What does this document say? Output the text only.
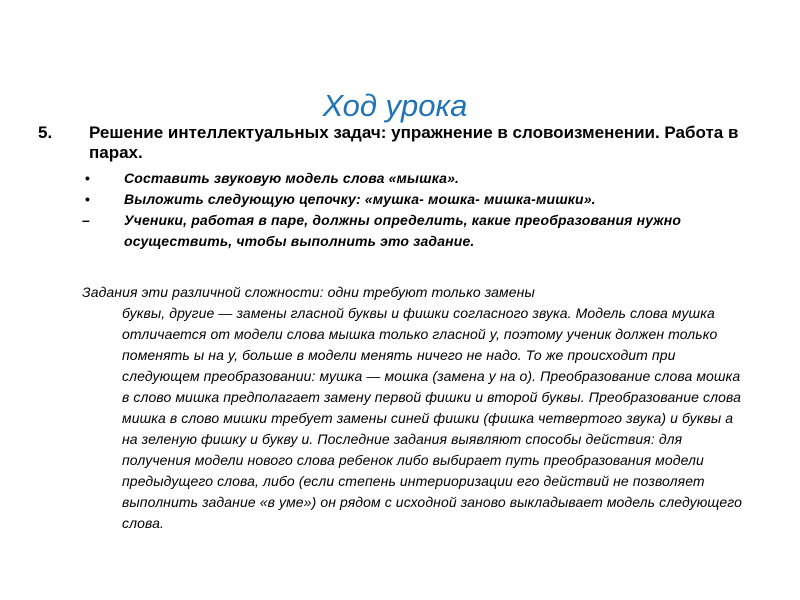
Ход урока
5. Решение интеллектуальных задач: упражнение в словоизменении. Работа в парах.

• Составить звуковую модель слова «мышка».

• Выложить следующую цепочку: «мушка- мошка- мишка-мишки».

– Ученики, работая в паре, должны определить, какие преобразования нужно осуществить, чтобы выполнить это задание.

Задания эти различной сложности: одни требуют только замены
буквы, другие — замены гласной буквы и фишки согласного звука. Модель слова мушка отличается от модели слова мышка только гласной у, поэтому ученик должен только поменять ы на у, больше в модели менять ничего не надо. То же происходит при следующем преобразовании: мушка — мошка (замена у на о). Преобразование слова мошка в слово мишка предполагает замену первой фишки и второй буквы. Преобразование слова мишка в слово мишки требует замены синей фишки (фишка четвертого звука) и буквы а на зеленую фишку и букву и. Последние задания выявляют способы действия: для получения модели нового слова ребенок либо выбирает путь преобразования модели предыдущего слова, либо (если степень интериоризации его действий не позволяет выполнить задание «в уме») он рядом с исходной заново выкладывает модель следующего слова.
